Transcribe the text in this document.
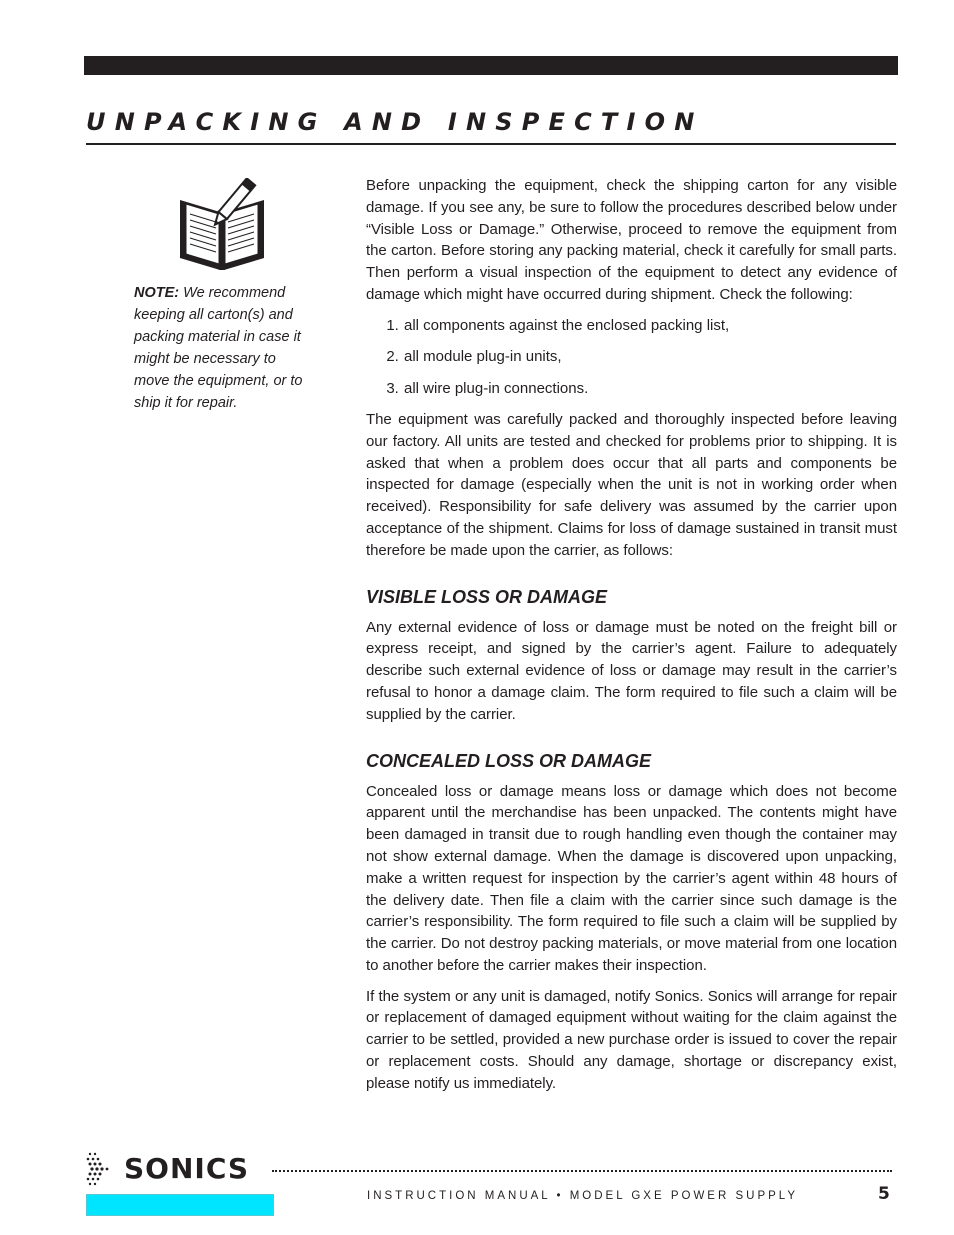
UNPACKING AND INSPECTION

NOTE: We recommend keeping all carton(s) and packing material in case it might be necessary to move the equipment, or to ship it for repair.

Before unpacking the equipment, check the shipping carton for any visible damage. If you see any, be sure to follow the procedures described below under “Visible Loss or Damage.” Otherwise, proceed to remove the equipment from the carton. Before storing any packing material, check it carefully for small parts. Then perform a visual inspection of the equipment to detect any evidence of damage which might have occurred during shipment. Check the following:

1. all components against the enclosed packing list,
2. all module plug-in units,
3. all wire plug-in connections.

The equipment was carefully packed and thoroughly inspected before leaving our factory. All units are tested and checked for problems prior to shipping. It is asked that when a problem does occur that all parts and components be inspected for damage (especially when the unit is not in working order when received). Responsibility for safe delivery was assumed by the carrier upon acceptance of the shipment. Claims for loss of damage sustained in transit must therefore be made upon the carrier, as follows:

VISIBLE LOSS OR DAMAGE

Any external evidence of loss or damage must be noted on the freight bill or express receipt, and signed by the carrier’s agent. Failure to adequately describe such external evidence of loss or damage may result in the carrier’s refusal to honor a damage claim. The form required to file such a claim will be supplied by the carrier.

CONCEALED LOSS OR DAMAGE

Concealed loss or damage means loss or damage which does not become apparent until the merchandise has been unpacked. The contents might have been damaged in transit due to rough handling even though the container may not show external damage. When the damage is discovered upon unpacking, make a written request for inspection by the carrier’s agent within 48 hours of the delivery date. Then file a claim with the carrier since such damage is the carrier’s responsibility. The form required to file such a claim will be supplied by the carrier. Do not destroy packing materials, or move material from one location to another before the carrier makes their inspection.

If the system or any unit is damaged, notify Sonics. Sonics will arrange for repair or replacement of damaged equipment without waiting for the claim against the carrier to be settled, provided a new purchase order is issued to cover the repair or replacement costs. Should any damage, shortage or discrepancy exist, please notify us immediately.

SONICS

INSTRUCTION MANUAL • MODEL GXE POWER SUPPLY	5
